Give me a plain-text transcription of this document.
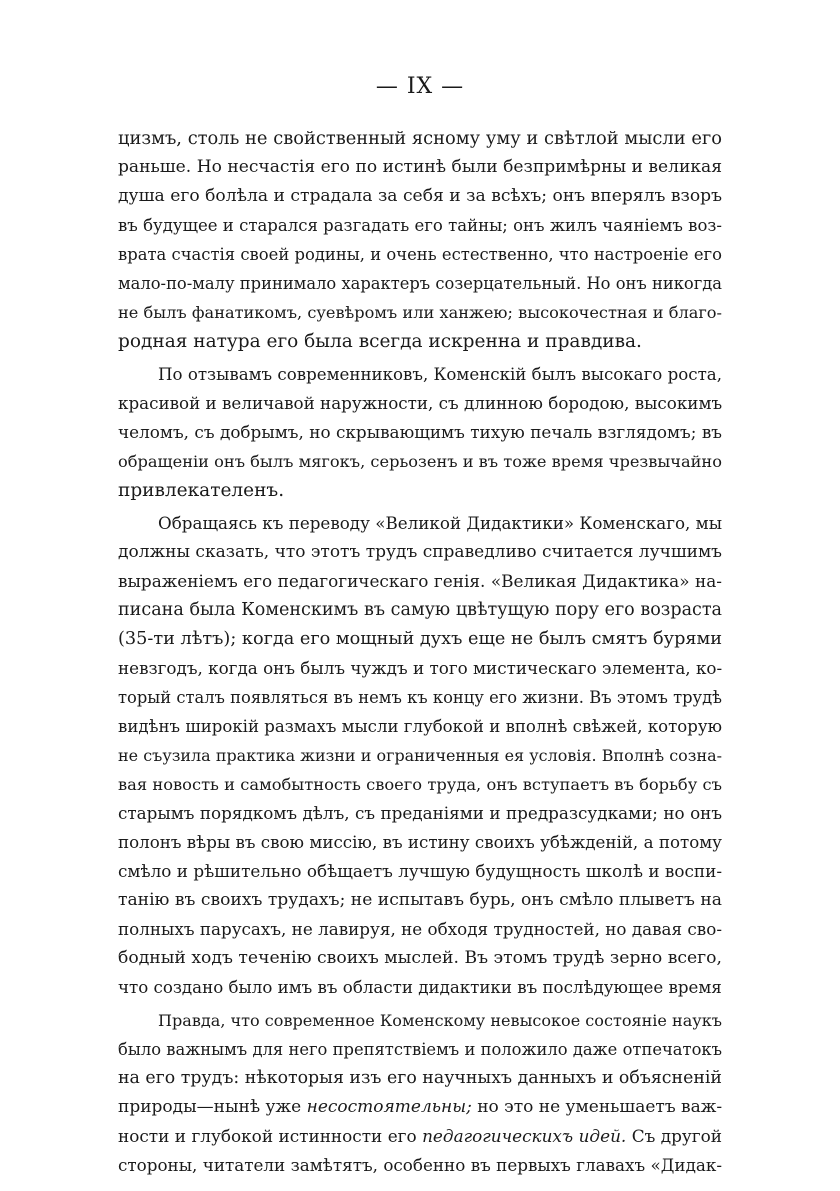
— IX —
цизмъ, столь не свойственный ясному уму и свѣтлой мысли его
раньше. Но несчастія его по истинѣ были безпримѣрны и великая
душа его болѣла и страдала за себя и за всѣхъ; онъ вперялъ взоръ
въ будущее и старался разгадать его тайны; онъ жилъ чаяніемъ воз-
врата счастія своей родины, и очень естественно, что настроеніе его
мало-по-малу принимало характеръ созерцательный. Но онъ никогда
не былъ фанатикомъ, суевѣромъ или ханжею; высокочестная и благо-
родная натура его была всегда искренна и правдива.
По отзывамъ современниковъ, Коменскій былъ высокаго роста,
красивой и величавой наружности, съ длинною бородою, высокимъ
челомъ, съ добрымъ, но скрывающимъ тихую печаль взглядомъ; въ
обращеніи онъ былъ мягокъ, серьозенъ и въ тоже время чрезвычайно
привлекателенъ.
Обращаясь къ переводу «Великой Дидактики» Коменскаго, мы
должны сказать, что этотъ трудъ справедливо считается лучшимъ
выраженіемъ его педагогическаго генія. «Великая Дидактика» на-
писана была Коменскимъ въ самую цвѣтущую пору его возраста
(35-ти лѣтъ); когда его мощный духъ еще не былъ смятъ бурями
невзгодъ, когда онъ былъ чуждъ и того мистическаго элемента, ко-
торый сталъ появляться въ немъ къ концу его жизни. Въ этомъ трудѣ
видѣнъ широкій размахъ мысли глубокой и вполнѣ свѣжей, которую
не съузила практика жизни и ограниченныя ея условія. Вполнѣ созна-
вая новость и самобытность своего труда, онъ вступаетъ въ борьбу съ
старымъ порядкомъ дѣлъ, съ преданіями и предразсудками; но онъ
полонъ вѣры въ свою миссію, въ истину своихъ убѣжденій, а потому
смѣло и рѣшительно обѣщаетъ лучшую будущность школѣ и воспи-
танію въ своихъ трудахъ; не испытавъ бурь, онъ смѣло плыветъ на
полныхъ парусахъ, не лавируя, не обходя трудностей, но давая сво-
бодный ходъ теченію своихъ мыслей. Въ этомъ трудѣ зерно всего,
что создано было имъ въ области дидактики въ послѣдующее время
Правда, что современное Коменскому невысокое состояніе наукъ
было важнымъ для него препятствіемъ и положило даже отпечатокъ
на его трудъ: нѣкоторыя изъ его научныхъ данныхъ и объясненій
природы—нынѣ уже несостоятельны; но это не уменьшаетъ важ-
ности и глубокой истинности его педагогическихъ идей. Съ другой
стороны, читатели замѣтятъ, особенно въ первыхъ главахъ «Дидак-
